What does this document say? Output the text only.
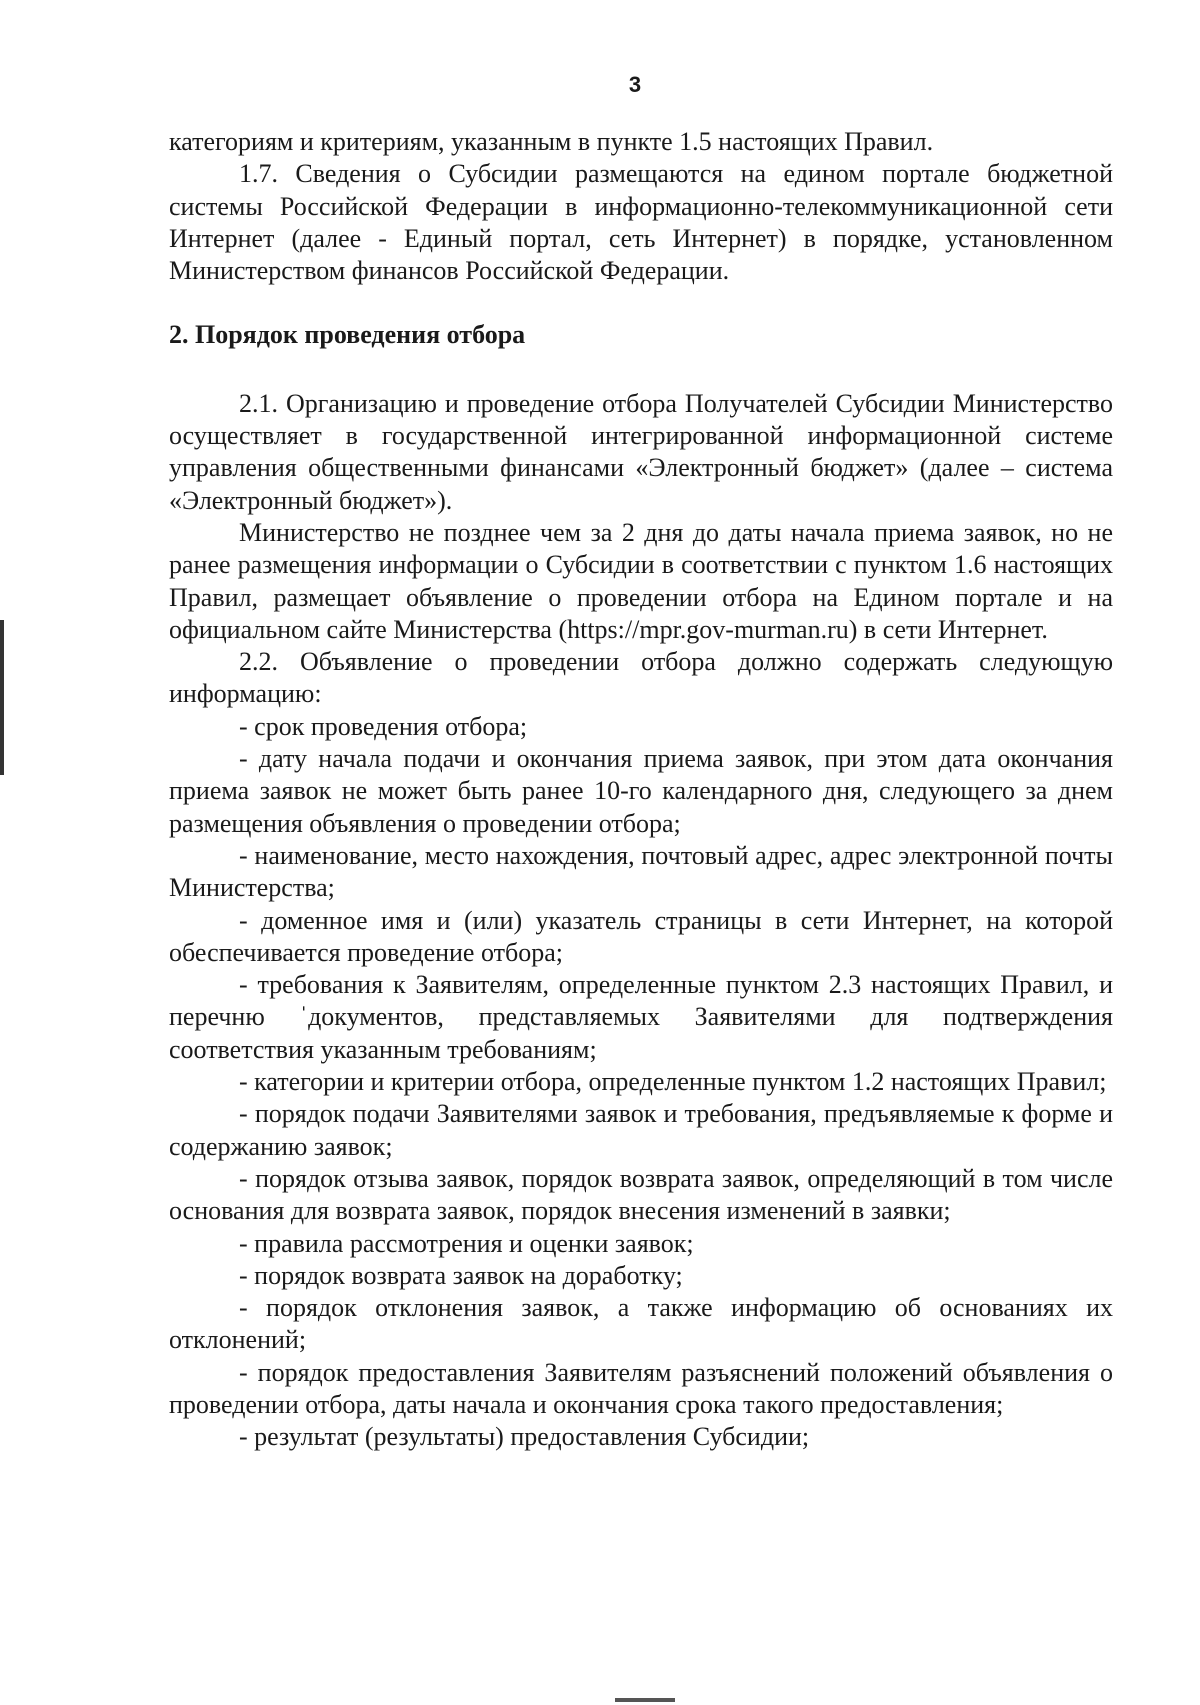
3

категориям и критериям, указанным в пункте 1.5 настоящих Правил.

1.7. Сведения о Субсидии размещаются на едином портале бюджетной системы Российской Федерации в информационно-телекоммуникационной сети Интернет (далее - Единый портал, сеть Интернет) в порядке, установленном Министерством финансов Российской Федерации.

2. Порядок проведения отбора

2.1. Организацию и проведение отбора Получателей Субсидии Министерство осуществляет в государственной интегрированной информационной системе управления общественными финансами «Электронный бюджет» (далее – система «Электронный бюджет»).

Министерство не позднее чем за 2 дня до даты начала приема заявок, но не ранее размещения информации о Субсидии в соответствии с пунктом 1.6 настоящих Правил, размещает объявление о проведении отбора на Едином портале и на официальном сайте Министерства (https://mpr.gov-murman.ru) в сети Интернет.

2.2. Объявление о проведении отбора должно содержать следующую информацию:

- срок проведения отбора;

- дату начала подачи и окончания приема заявок, при этом дата окончания приема заявок не может быть ранее 10-го календарного дня, следующего за днем размещения объявления о проведении отбора;

- наименование, место нахождения, почтовый адрес, адрес электронной почты Министерства;

- доменное имя и (или) указатель страницы в сети Интернет, на которой обеспечивается проведение отбора;

- требования к Заявителям, определенные пунктом 2.3 настоящих Правил, и перечню ˈдокументов, представляемых Заявителями для подтверждения соответствия указанным требованиям;

- категории и критерии отбора, определенные пунктом 1.2 настоящих Правил;

- порядок подачи Заявителями заявок и требования, предъявляемые к форме и содержанию заявок;

- порядок отзыва заявок, порядок возврата заявок, определяющий в том числе основания для возврата заявок, порядок внесения изменений в заявки;

- правила рассмотрения и оценки заявок;

- порядок возврата заявок на доработку;

- порядок отклонения заявок, а также информацию об основаниях их отклонений;

- порядок предоставления Заявителям разъяснений положений объявления о проведении отбора, даты начала и окончания срока такого предоставления;

- результат (результаты) предоставления Субсидии;
